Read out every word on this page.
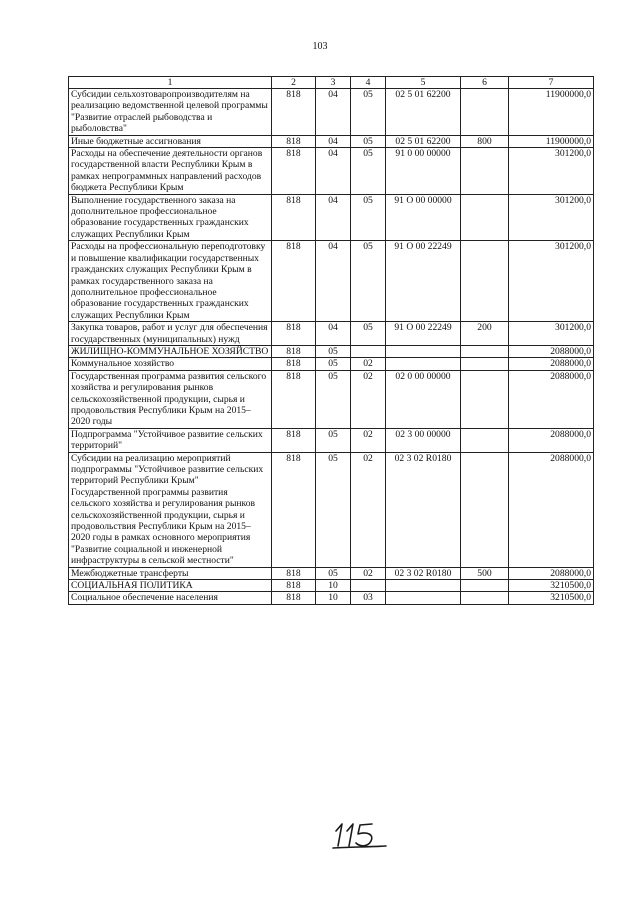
103
1	2	3	4	5	6	7
Субсидии сельхозтоваропроизводителям на реализацию ведомственной целевой программы "Развитие отраслей рыбоводства и рыболовства"	818	04	05	02 5 01 62200		11900000,0
Иные бюджетные ассигнования	818	04	05	02 5 01 62200	800	11900000,0
Расходы на обеспечение деятельности органов государственной власти Республики Крым в рамках непрограммных направлений расходов бюджета Республики Крым	818	04	05	91 0 00 00000		301200,0
Выполнение государственного заказа на дополнительное профессиональное образование государственных гражданских служащих Республики Крым	818	04	05	91 О 00 00000		301200,0
Расходы на профессиональную переподготовку и повышение квалификации государственных гражданских служащих Республики Крым в рамках государственного заказа на дополнительное профессиональное образование государственных гражданских служащих Республики Крым	818	04	05	91 О 00 22249		301200,0
Закупка товаров, работ и услуг для обеспечения государственных (муниципальных) нужд	818	04	05	91 О 00 22249	200	301200,0
ЖИЛИЩНО-КОММУНАЛЬНОЕ ХОЗЯЙСТВО	818	05				2088000,0
Коммунальное хозяйство	818	05	02			2088000,0
Государственная программа развития сельского хозяйства и регулирования рынков сельскохозяйственной продукции, сырья и продовольствия Республики Крым на 2015–2020 годы	818	05	02	02 0 00 00000		2088000,0
Подпрограмма "Устойчивое развитие сельских территорий"	818	05	02	02 3 00 00000		2088000,0
Субсидии на реализацию мероприятий подпрограммы "Устойчивое развитие сельских территорий Республики Крым" Государственной программы развития сельского хозяйства и регулирования рынков сельскохозяйственной продукции, сырья и продовольствия Республики Крым на 2015–2020 годы в рамках основного мероприятия "Развитие социальной и инженерной инфраструктуры в сельской местности"	818	05	02	02 3 02 R0180		2088000,0
Межбюджетные трансферты	818	05	02	02 3 02 R0180	500	2088000,0
СОЦИАЛЬНАЯ ПОЛИТИКА	818	10				3210500,0
Социальное обеспечение населения	818	10	03			3210500,0
